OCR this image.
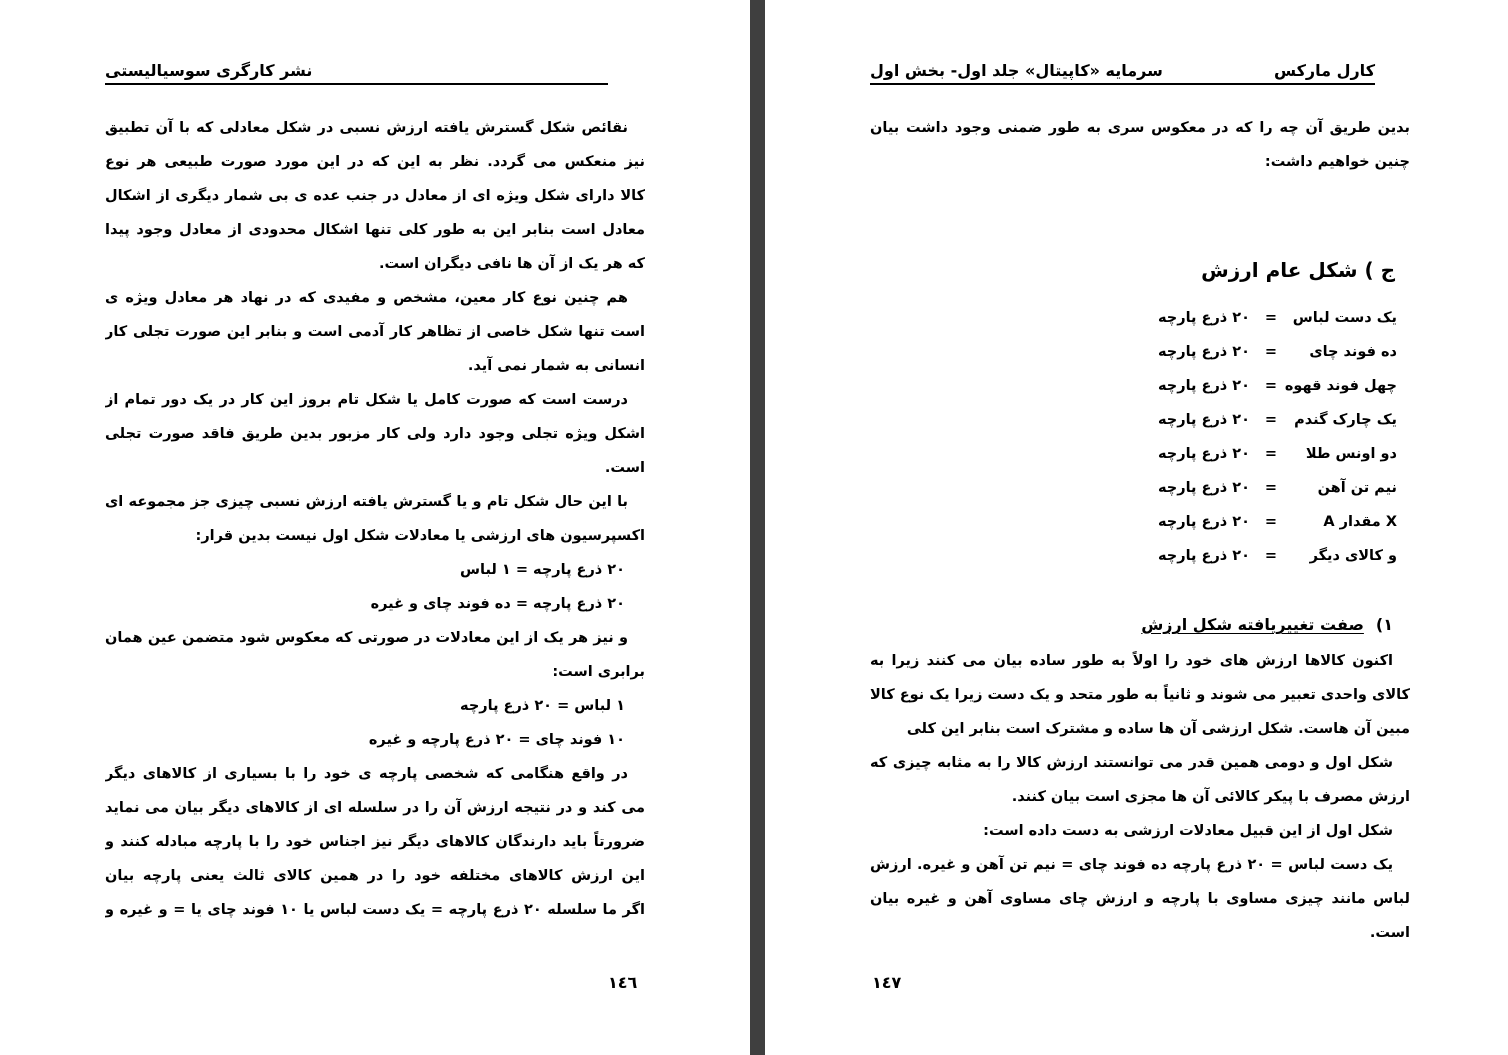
نشر کارگری سوسیالیستی
نقائص شکل گسترش یافته ارزش نسبی در شکل معادلی که با آن تطبیق
نیز منعکس می گردد. نظر به این که در این مورد صورت طبیعی هر نوع
کالا دارای شکل ویژه ای از معادل در جنب عده ی بی شمار دیگری از اشکال
معادل است بنابر این به طور کلی تنها اشکال محدودی از معادل وجود پیدا
که هر یک از آن ها نافی دیگران است.
هم چنین نوع کار معین، مشخص و مفیدی که در نهاد هر معادل ویژه ی
است تنها شکل خاصی از تظاهر کار آدمی است و بنابر این صورت تجلی کار
انسانی به شمار نمی آید.
درست است که صورت کامل یا شکل تام بروز این کار در یک دور تمام از
اشکل ویژه تجلی وجود دارد ولی کار مزبور بدین طریق فاقد صورت تجلی
است.
با این حال شکل تام و یا گسترش یافته ارزش نسبی چیزی جز مجموعه ای
اکسپرسیون های ارزشی یا معادلات شکل اول نیست بدین قرار:
۲۰ ذرع پارچه = ۱ لباس
۲۰ ذرع پارچه = ده فوند چای و غیره
و نیز هر یک از این معادلات در صورتی که معکوس شود متضمن عین همان
برابری است:
۱ لباس = ۲۰ ذرع پارچه
۱۰ فوند چای = ۲۰ ذرع پارچه و غیره
در واقع هنگامی که شخصی پارچه ی خود را با بسیاری از کالاهای دیگر
می کند و در نتیجه ارزش آن را در سلسله ای از کالاهای دیگر بیان می نماید
ضرورتاً باید دارندگان کالاهای دیگر نیز اجناس خود را با پارچه مبادله کنند و
این ارزش کالاهای مختلفه خود را در همین کالای ثالث یعنی پارچه بیان
اگر ما سلسله ۲۰ ذرع پارچه = یک دست لباس یا ۱۰ فوند چای یا = و غیره و
١٤٦
کارل مارکس
سرمایه «کاپیتال» جلد اول- بخش اول
بدین طریق آن چه را که در معکوس سری به طور ضمنی وجود داشت بیان
چنین خواهیم داشت:
ج ) شکل عام ارزش
یک دست لباس
=
۲۰ ذرع پارچه
ده فوند چای
=
۲۰ ذرع پارچه
چهل فوند قهوه
=
۲۰ ذرع پارچه
یک چارک گندم
=
۲۰ ذرع پارچه
دو اونس طلا
=
۲۰ ذرع پارچه
نیم تن آهن
=
۲۰ ذرع پارچه
X مقدار A
=
۲۰ ذرع پارچه
و کالای دیگر
=
۲۰ ذرع پارچه
۱)
صفت تغییریافته شکل ارزش
اکنون کالاها ارزش های خود را اولاً به طور ساده بیان می کنند زیرا به
کالای واحدی تعبیر می شوند و ثانیاً به طور متحد و یک دست زیرا یک نوع کالا
مبین آن هاست. شکل ارزشی آن ها ساده و مشترک است بنابر این کلی
شکل اول و دومی همین قدر می توانستند ارزش کالا را به مثابه چیزی که
ارزش مصرف با پیکر کالائی آن ها مجزی است بیان کنند.
شکل اول از این قبیل معادلات ارزشی به دست داده است:
یک دست لباس = ۲۰ ذرع پارچه ده فوند چای = نیم تن آهن و غیره. ارزش
لباس مانند چیزی مساوی با پارچه و ارزش چای مساوی آهن و غیره بیان
است.
١٤٧
